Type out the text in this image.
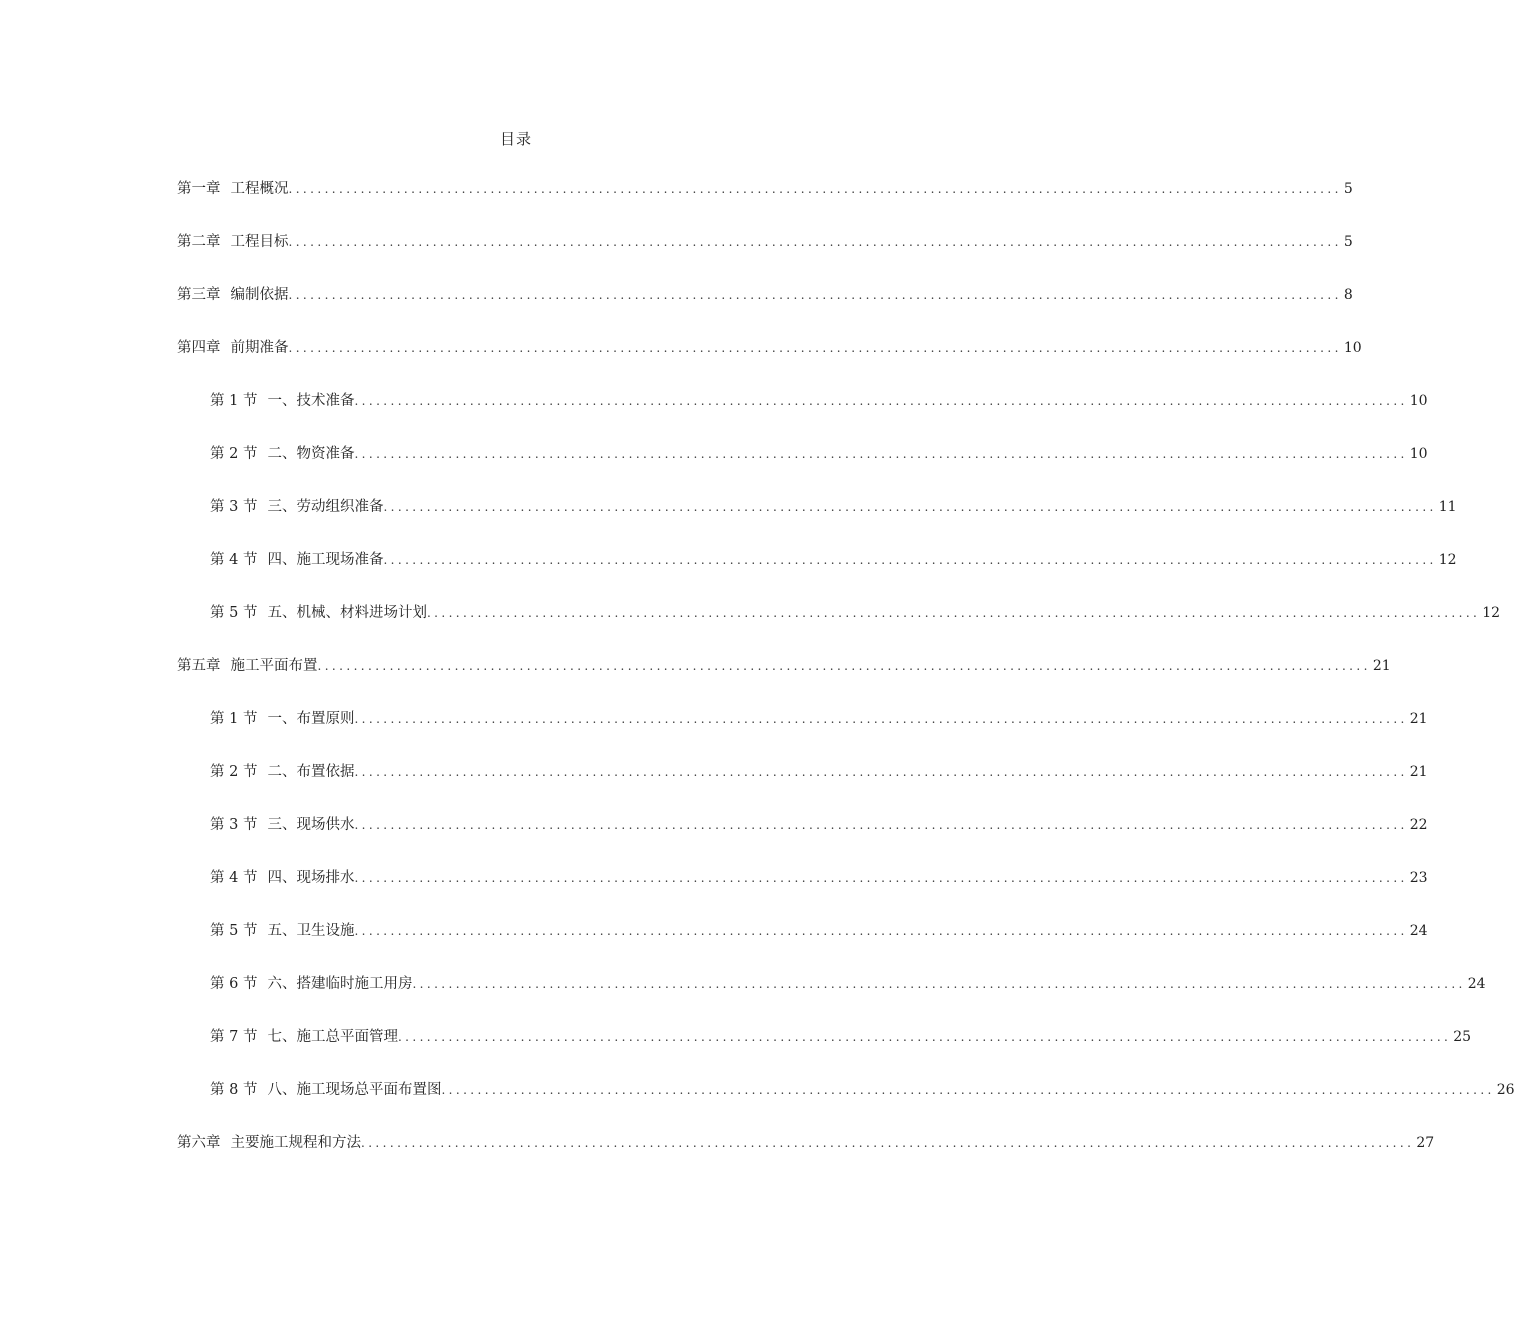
目录
第一章 工程概况 .................................................................................................................................................. 5
第二章 工程目标 .................................................................................................................................................. 5
第三章 编制依据 .................................................................................................................................................. 8
第四章 前期准备 .................................................................................................................................................. 10
第 1 节 一、技术准备 .................................................................................................................................................. 10
第 2 节 二、物资准备 .................................................................................................................................................. 10
第 3 节 三、劳动组织准备 .................................................................................................................................................. 11
第 4 节 四、施工现场准备 .................................................................................................................................................. 12
第 5 节 五、机械、材料进场计划 .................................................................................................................................................. 12
第五章 施工平面布置 .................................................................................................................................................. 21
第 1 节 一、布置原则 .................................................................................................................................................. 21
第 2 节 二、布置依据 .................................................................................................................................................. 21
第 3 节 三、现场供水 .................................................................................................................................................. 22
第 4 节 四、现场排水 .................................................................................................................................................. 23
第 5 节 五、卫生设施 .................................................................................................................................................. 24
第 6 节 六、搭建临时施工用房 .................................................................................................................................................. 24
第 7 节 七、施工总平面管理 .................................................................................................................................................. 25
第 8 节 八、施工现场总平面布置图 .................................................................................................................................................. 26
第六章 主要施工规程和方法 .................................................................................................................................................. 27
